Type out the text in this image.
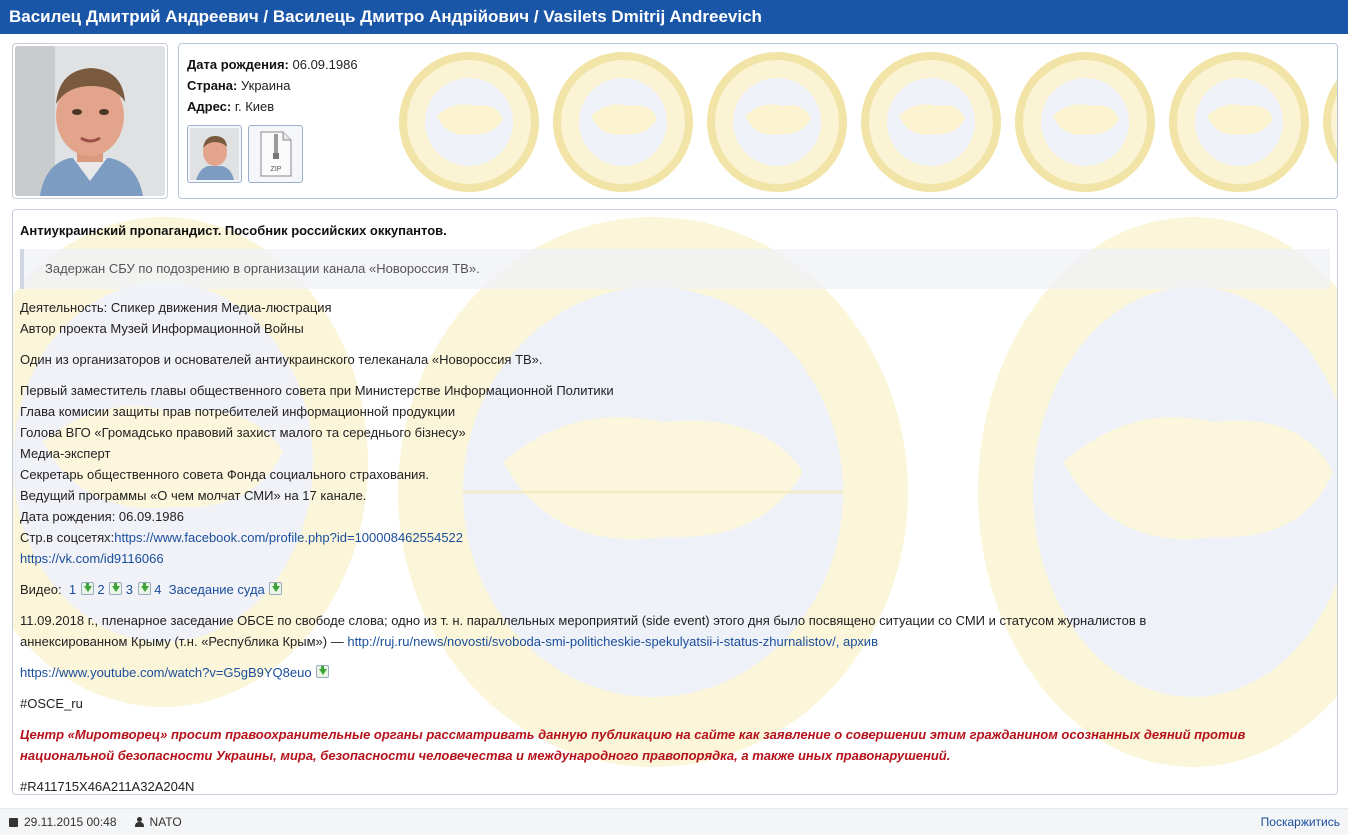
Василец Дмитрий Андреевич / Василець Дмитро Андрійович / Vasilets Dmitrij Andreevich
Дата рождения: 06.09.1986
Страна: Украина
Адрес: г. Киев
ZIP
Антиукраинский пропагандист. Пособник российских оккупантов.
Задержан СБУ по подозрению в организации канала «Новороссия ТВ».
Деятельность: Спикер движения Медиа-люстрация
Автор проекта Музей Информационной Войны
Один из организаторов и основателей антиукраинского телеканала «Новороссия ТВ».
Первый заместитель главы общественного совета при Министерстве Информационной Политики
Глава комисии защиты прав потребителей информационной продукции
Голова ВГО «Громадсько правовий захист малого та середнього бізнесу»
Медиа-эксперт
Секретарь общественного совета Фонда социального страхования.
Ведущий программы «О чем молчат СМИ» на 17 канале.
Дата рождения: 06.09.1986
Стр.в соцсетях:https://www.facebook.com/profile.php?id=100008462554522
https://vk.com/id9116066
Видео: 1 2 3 4 Заседание суда
11.09.2018 г., пленарное заседание ОБСЕ по свободе слова; одно из т. н. параллельных мероприятий (side event) этого дня было посвящено ситуации со СМИ и статусом журналистов в
аннексированном Крыму (т.н. «Республика Крым») — http://ruj.ru/news/novosti/svoboda-smi-politicheskie-spekulyatsii-i-status-zhurnalistov/, архив
https://www.youtube.com/watch?v=G5gB9YQ8euo
#OSCE_ru
Центр «Миротворец» просит правоохранительные органы рассматривать данную публикацию на сайте как заявление о совершении этим гражданином осознанных деяний против национальной безопасности Украины, мира, безопасности человечества и международного правопорядка, а также иных правонарушений.
#R411715X46A211A32A204N
29.11.2015 00:48	NATO	Поскаржитись
